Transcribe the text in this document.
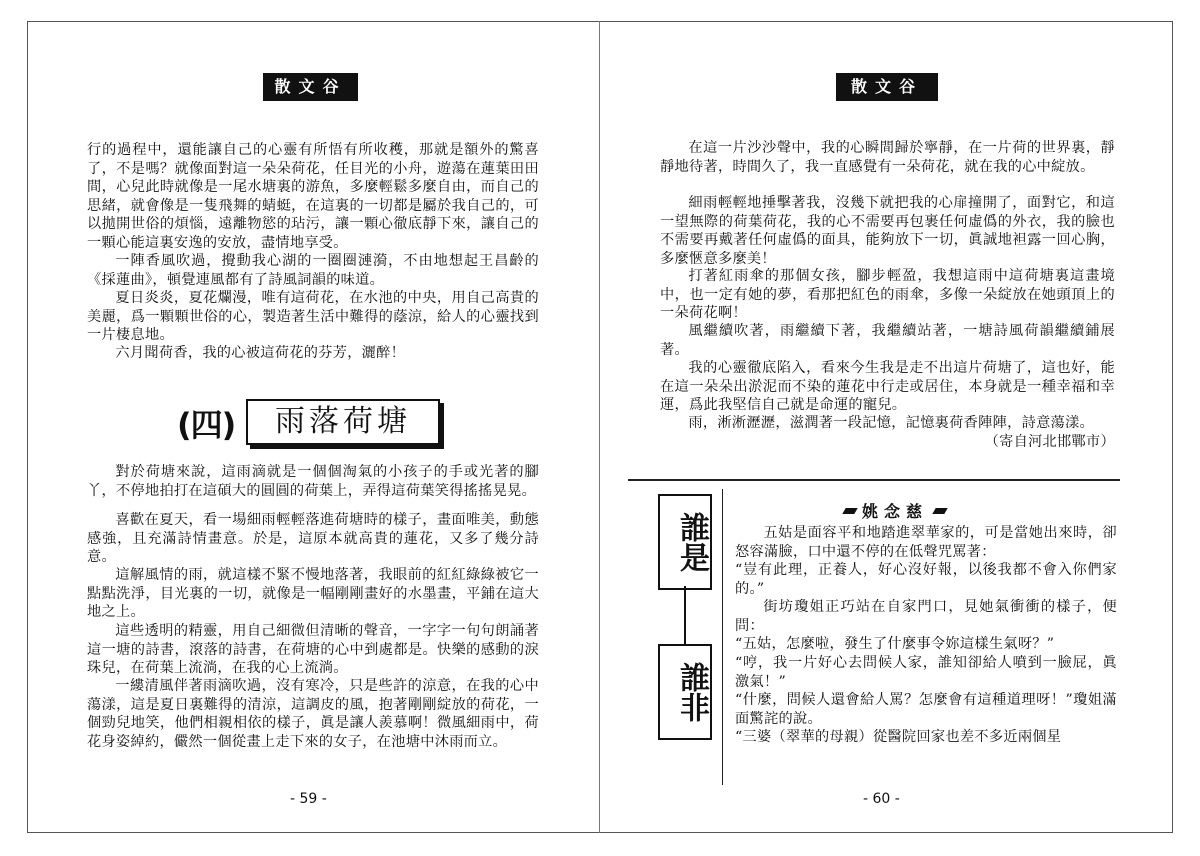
散文谷

行的過程中，還能讓自己的心靈有所悟有所收穫，那就是額外的驚喜了，不是嗎？就像面對這一朵朵荷花，任目光的小舟，遊蕩在蓮葉田田間，心兒此時就像是一尾水塘裏的游魚，多麼輕鬆多麼自由，而自己的思緒，就會像是一隻飛舞的蜻蜓，在這裏的一切都是屬於我自己的，可以拋開世俗的煩惱，遠離物慾的玷污，讓一顆心徹底靜下來，讓自己的一顆心能這裏安逸的安放，盡情地享受。

一陣香風吹過，攪動我心湖的一圈圈漣漪，不由地想起王昌齡的《採蓮曲》，頓覺連風都有了詩風詞韻的味道。

夏日炎炎，夏花爛漫，唯有這荷花，在水池的中央，用自己高貴的美麗，爲一顆顆世俗的心，製造著生活中難得的蔭涼，給人的心靈找到一片棲息地。

六月聞荷香，我的心被這荷花的芬芳，灑醉！

(四)	雨落荷塘

對於荷塘來說，這雨滴就是一個個淘氣的小孩子的手或光著的腳丫，不停地拍打在這碩大的圓圓的荷葉上，弄得這荷葉笑得搖搖晃晃。

喜歡在夏天，看一場細雨輕輕落進荷塘時的樣子，畫面唯美，動態感強，且充滿詩情畫意。於是，這原本就高貴的蓮花，又多了幾分詩意。

這解風情的雨，就這樣不緊不慢地落著，我眼前的紅紅綠綠被它一點點洗淨，目光裏的一切，就像是一幅剛剛畫好的水墨畫，平鋪在這大地之上。

這些透明的精靈，用自己細微但清晰的聲音，一字字一句句朗誦著這一塘的詩書，滾落的詩書，在荷塘的心中到處都是。快樂的感動的淚珠兒，在荷葉上流淌，在我的心上流淌。

一縷清風伴著雨滴吹過，沒有寒冷，只是些許的涼意，在我的心中蕩漾，這是夏日裏難得的清涼，這調皮的風，抱著剛剛綻放的荷花，一個勁兒地笑，他們相親相依的樣子，眞是讓人羨慕啊！微風細雨中，荷花身姿綽約，儼然一個從畫上走下來的女子，在池塘中沐雨而立。

- 59 -
散文谷

在這一片沙沙聲中，我的心瞬間歸於寧靜，在一片荷的世界裏，靜靜地待著，時間久了，我一直感覺有一朵荷花，就在我的心中綻放。

細雨輕輕地捶擊著我，沒幾下就把我的心扉撞開了，面對它，和這一望無際的荷葉荷花，我的心不需要再包裹任何虛僞的外衣，我的臉也不需要再戴著任何虛僞的面具，能夠放下一切，眞誠地袒露一回心胸，多麼愜意多麼美！

打著紅雨傘的那個女孩，腳步輕盈，我想這雨中這荷塘裏這畫境中，也一定有她的夢，看那把紅色的雨傘，多像一朵綻放在她頭頂上的一朵荷花啊！

風繼續吹著，雨繼續下著，我繼續站著，一塘詩風荷韻繼續鋪展著。

我的心靈徹底陷入，看來今生我是走不出這片荷塘了，這也好，能在這一朵朵出淤泥而不染的蓮花中行走或居住，本身就是一種幸福和幸運，爲此我堅信自己就是命運的寵兒。

雨，淅淅瀝瀝，滋潤著一段記憶，記憶裏荷香陣陣，詩意蕩漾。

（寄自河北邯鄲市）

姚念慈
誰是
誰非

五姑是面容平和地踏進翠華家的，可是當她出來時，卻怒容滿臉，口中還不停的在低聲咒罵著：

“豈有此理，正養人，好心沒好報，以後我都不會入你們家的。”

街坊瓊姐正巧站在自家門口，見她氣衝衝的樣子，便問：

“五姑，怎麼啦，發生了什麼事令妳這樣生氣呀？”

“哼，我一片好心去問候人家，誰知卻給人噴到一臉屁，眞激氣！”

“什麼，問候人還會給人罵？怎麼會有這種道理呀！”瓊姐滿面驚詫的說。

“三婆（翠華的母親）從醫院回家也差不多近兩個星

- 60 -
